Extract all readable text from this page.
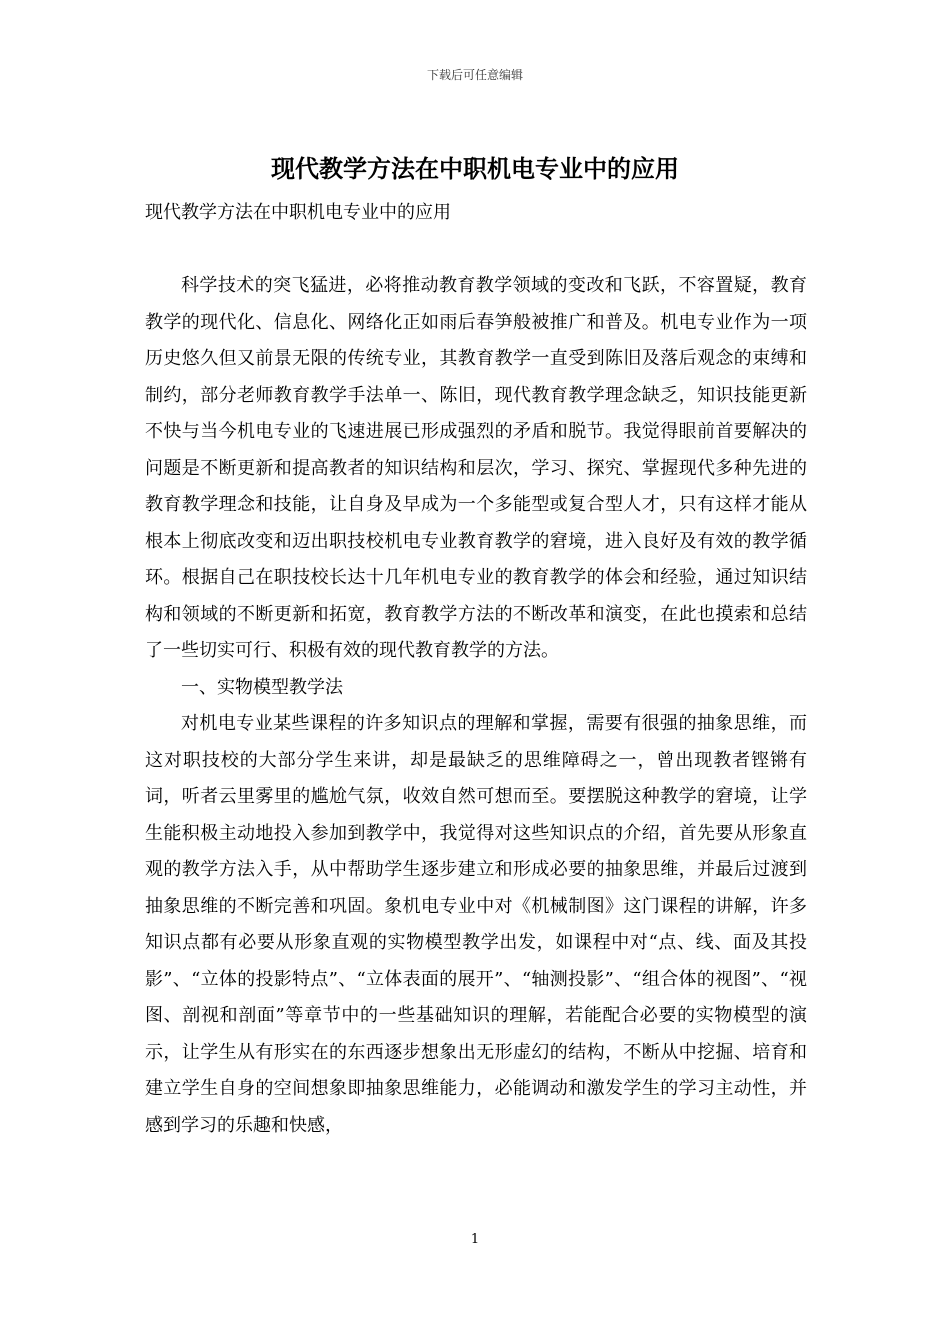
下载后可任意编辑
现代教学方法在中职机电专业中的应用

现代教学方法在中职机电专业中的应用

科学技术的突飞猛进，必将推动教育教学领域的变改和飞跃，不容置疑，教育教学的现代化、信息化、网络化正如雨后春笋般被推广和普及。机电专业作为一项历史悠久但又前景无限的传统专业，其教育教学一直受到陈旧及落后观念的束缚和制约，部分老师教育教学手法单一、陈旧，现代教育教学理念缺乏，知识技能更新不快与当今机电专业的飞速进展已形成强烈的矛盾和脱节。我觉得眼前首要解决的问题是不断更新和提高教者的知识结构和层次，学习、探究、掌握现代多种先进的教育教学理念和技能，让自身及早成为一个多能型或复合型人才，只有这样才能从根本上彻底改变和迈出职技校机电专业教育教学的窘境，进入良好及有效的教学循环。根据自己在职技校长达十几年机电专业的教育教学的体会和经验，通过知识结构和领域的不断更新和拓宽，教育教学方法的不断改革和演变，在此也摸索和总结了一些切实可行、积极有效的现代教育教学的方法。

一、实物模型教学法

对机电专业某些课程的许多知识点的理解和掌握，需要有很强的抽象思维，而这对职技校的大部分学生来讲，却是最缺乏的思维障碍之一，曾出现教者铿锵有词，听者云里雾里的尴尬气氛，收效自然可想而至。要摆脱这种教学的窘境，让学生能积极主动地投入参加到教学中，我觉得对这些知识点的介绍，首先要从形象直观的教学方法入手，从中帮助学生逐步建立和形成必要的抽象思维，并最后过渡到抽象思维的不断完善和巩固。象机电专业中对《机械制图》这门课程的讲解，许多知识点都有必要从形象直观的实物模型教学出发，如课程中对“点、线、面及其投影”、“立体的投影特点”、“立体表面的展开”、“轴测投影”、“组合体的视图”、“视图、剖视和剖面”等章节中的一些基础知识的理解，若能配合必要的实物模型的演示，让学生从有形实在的东西逐步想象出无形虚幻的结构，不断从中挖掘、培育和建立学生自身的空间想象即抽象思维能力，必能调动和激发学生的学习主动性，并感到学习的乐趣和快感，

1
